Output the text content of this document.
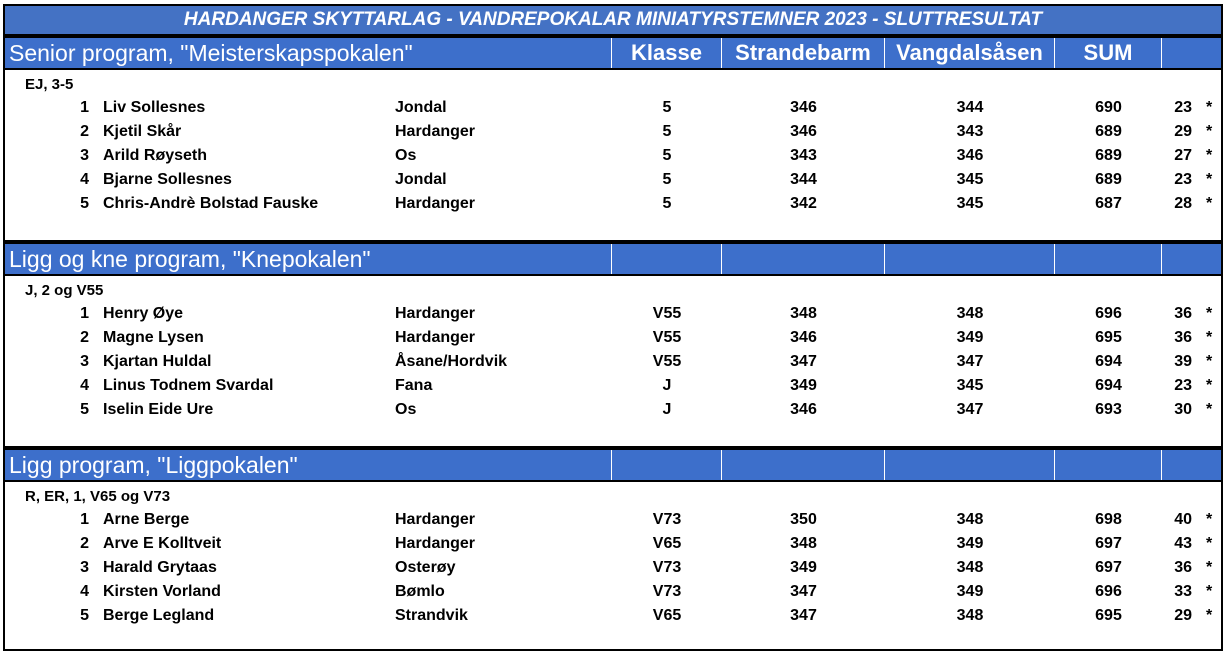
HARDANGER SKYTTARLAG - VANDREPOKALAR MINIATYRSTEMNER 2023 - SLUTTRESULTAT
Senior program, "Meisterskapspokalen"	Klasse	Strandebarm	Vangdalsåsen	SUM
EJ, 3-5
1 Liv Sollesnes	Jondal	5	346	344	690	23 *
2 Kjetil Skår	Hardanger	5	346	343	689	29 *
3 Arild Røyseth	Os	5	343	346	689	27 *
4 Bjarne Sollesnes	Jondal	5	344	345	689	23 *
5 Chris-Andrè Bolstad Fauske	Hardanger	5	342	345	687	28 *
Ligg og kne program, "Knepokalen"
J, 2 og V55
1 Henry Øye	Hardanger	V55	348	348	696	36 *
2 Magne Lysen	Hardanger	V55	346	349	695	36 *
3 Kjartan Huldal	Åsane/Hordvik	V55	347	347	694	39 *
4 Linus Todnem Svardal	Fana	J	349	345	694	23 *
5 Iselin Eide Ure	Os	J	346	347	693	30 *
Ligg program, "Liggpokalen"
R, ER, 1, V65 og V73
1 Arne Berge	Hardanger	V73	350	348	698	40 *
2 Arve E Kolltveit	Hardanger	V65	348	349	697	43 *
3 Harald Grytaas	Osterøy	V73	349	348	697	36 *
4 Kirsten Vorland	Bømlo	V73	347	349	696	33 *
5 Berge Legland	Strandvik	V65	347	348	695	29 *
